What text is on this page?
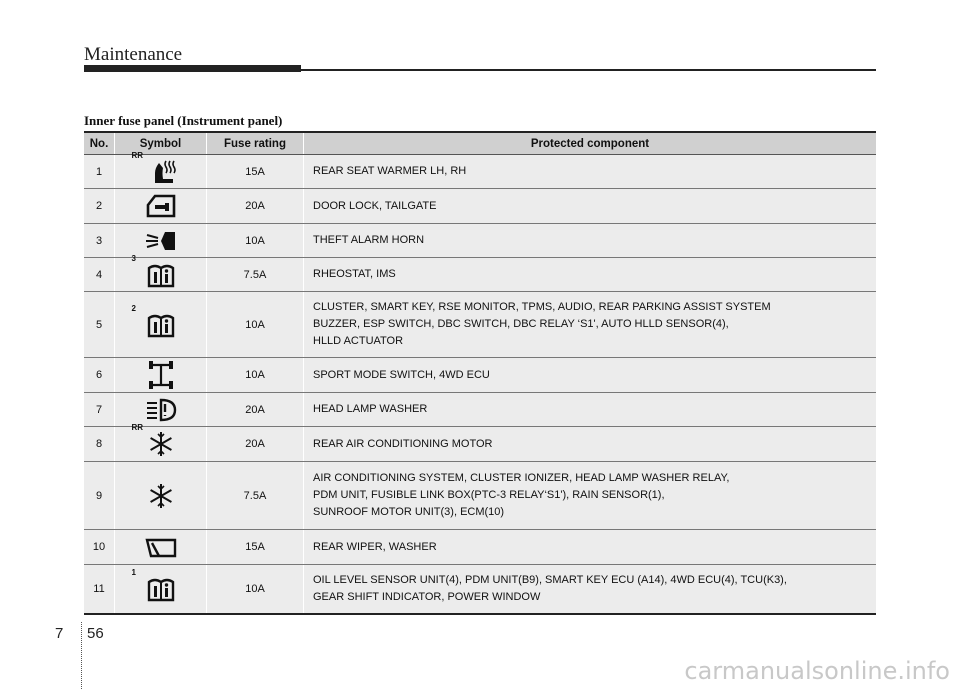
Maintenance
Inner fuse panel (Instrument panel)
No.	Symbol	Fuse rating	Protected component
1	RR	15A	REAR SEAT WARMER LH, RH

2		20A	DOOR LOCK, TAILGATE

3		10A	THEFT ALARM HORN

4	3	7.5A	RHEOSTAT, IMS

5	2	10A	CLUSTER, SMART KEY, RSE MONITOR, TPMS, AUDIO, REAR PARKING ASSIST SYSTEM
BUZZER, ESP SWITCH, DBC SWITCH, DBC RELAY ‘S1', AUTO HLLD SENSOR(4),
HLLD ACTUATOR

6		10A	SPORT MODE SWITCH, 4WD ECU

7		20A	HEAD LAMP WASHER

8	RR	20A	REAR AIR CONDITIONING MOTOR

9		7.5A	AIR CONDITIONING SYSTEM, CLUSTER IONIZER, HEAD LAMP WASHER RELAY,
PDM UNIT, FUSIBLE LINK BOX(PTC-3 RELAY‘S1'), RAIN SENSOR(1),
SUNROOF MOTOR UNIT(3), ECM(10)

10		15A	REAR WIPER, WASHER

11	1	10A	OIL LEVEL SENSOR UNIT(4), PDM UNIT(B9), SMART KEY ECU (A14), 4WD ECU(4), TCU(K3),
GEAR SHIFT INDICATOR, POWER WINDOW
7 56
carmanualsonline.info
